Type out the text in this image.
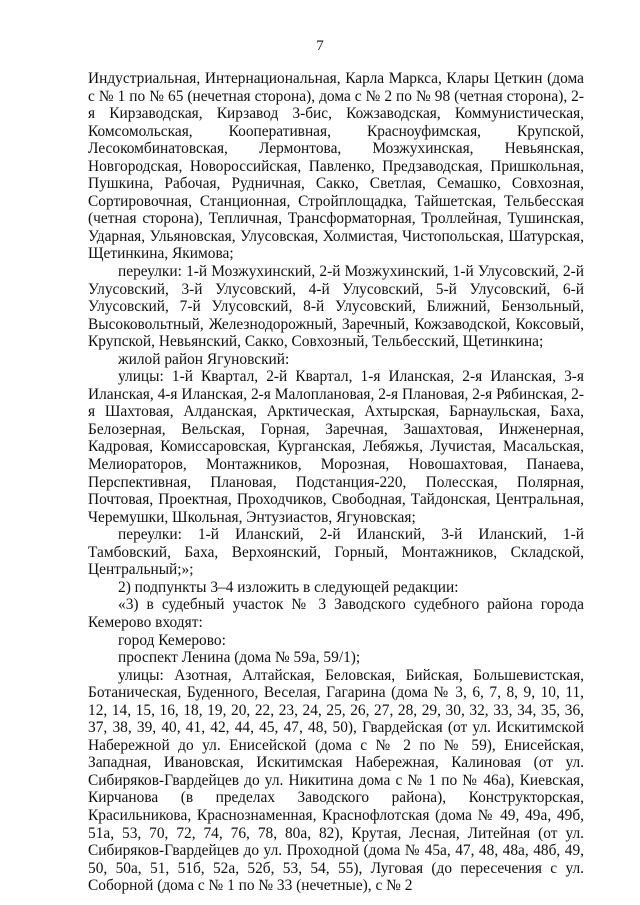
7

Индустриальная, Интернациональная, Карла Маркса, Клары Цеткин (дома с № 1 по № 65 (нечетная сторона), дома с № 2 по № 98 (четная сторона), 2-я Кирзаводская, Кирзавод 3-бис, Кожзаводская, Коммунистическая, Комсомольская, Кооперативная, Красноуфимская, Крупской, Лесокомбинатовская, Лермонтова, Мозжухинская, Невьянская, Новгородская, Новороссийская, Павленко, Предзаводская, Пришкольная, Пушкина, Рабочая, Рудничная, Сакко, Светлая, Семашко, Совхозная, Сортировочная, Станционная, Стройплощадка, Тайшетская, Тельбесская (четная сторона), Тепличная, Трансформаторная, Троллейная, Тушинская, Ударная, Ульяновская, Улусовская, Холмистая, Чистопольская, Шатурская, Щетинкина, Якимова;

переулки: 1-й Мозжухинский, 2-й Мозжухинский, 1-й Улусовский, 2-й Улусовский, 3-й Улусовский, 4-й Улусовский, 5-й Улусовский, 6-й Улусовский, 7-й Улусовский, 8-й Улусовский, Ближний, Бензольный, Высоковольтный, Железнодорожный, Заречный, Кожзаводской, Коксовый, Крупской, Невьянский, Сакко, Совхозный, Тельбесский, Щетинкина;

жилой район Ягуновский:

улицы: 1-й Квартал, 2-й Квартал, 1-я Иланская, 2-я Иланская, 3-я Иланская, 4-я Иланская, 2-я Малоплановая, 2-я Плановая, 2-я Рябинская, 2-я Шахтовая, Алданская, Арктическая, Ахтырская, Барнаульская, Баха, Белозерная, Вельская, Горная, Заречная, Зашахтовая, Инженерная, Кадровая, Комиссаровская, Курганская, Лебяжья, Лучистая, Масальская, Мелиораторов, Монтажников, Морозная, Новошахтовая, Панаева, Перспективная, Плановая, Подстанция-220, Полесская, Полярная, Почтовая, Проектная, Проходчиков, Свободная, Тайдонская, Центральная, Черемушки, Школьная, Энтузиастов, Ягуновская;

переулки: 1-й Иланский, 2-й Иланский, 3-й Иланский, 1-й Тамбовский, Баха, Верхоянский, Горный, Монтажников, Складской, Центральный;»;

2) подпункты 3–4 изложить в следующей редакции:

«3) в судебный участок № 3 Заводского судебного района города Кемерово входят:

город Кемерово:

проспект Ленина (дома № 59а, 59/1);

улицы: Азотная, Алтайская, Беловская, Бийская, Большевистская, Ботаническая, Буденного, Веселая, Гагарина (дома № 3, 6, 7, 8, 9, 10, 11, 12, 14, 15, 16, 18, 19, 20, 22, 23, 24, 25, 26, 27, 28, 29, 30, 32, 33, 34, 35, 36, 37, 38, 39, 40, 41, 42, 44, 45, 47, 48, 50), Гвардейская (от ул. Искитимской Набережной до ул. Енисейской (дома с № 2 по № 59), Енисейская, Западная, Ивановская, Искитимская Набережная, Калиновая (от ул. Сибиряков-Гвардейцев до ул. Никитина дома с № 1 по № 46а), Киевская, Кирчанова (в пределах Заводского района), Конструкторская, Красильникова, Краснознаменная, Краснофлотская (дома № 49, 49а, 49б, 51а, 53, 70, 72, 74, 76, 78, 80а, 82), Крутая, Лесная, Литейная (от ул. Сибиряков-Гвардейцев до ул. Проходной (дома № 45а, 47, 48, 48а, 48б, 49, 50, 50а, 51, 51б, 52а, 52б, 53, 54, 55), Луговая (до пересечения с ул. Соборной (дома с № 1 по № 33 (нечетные), с № 2
